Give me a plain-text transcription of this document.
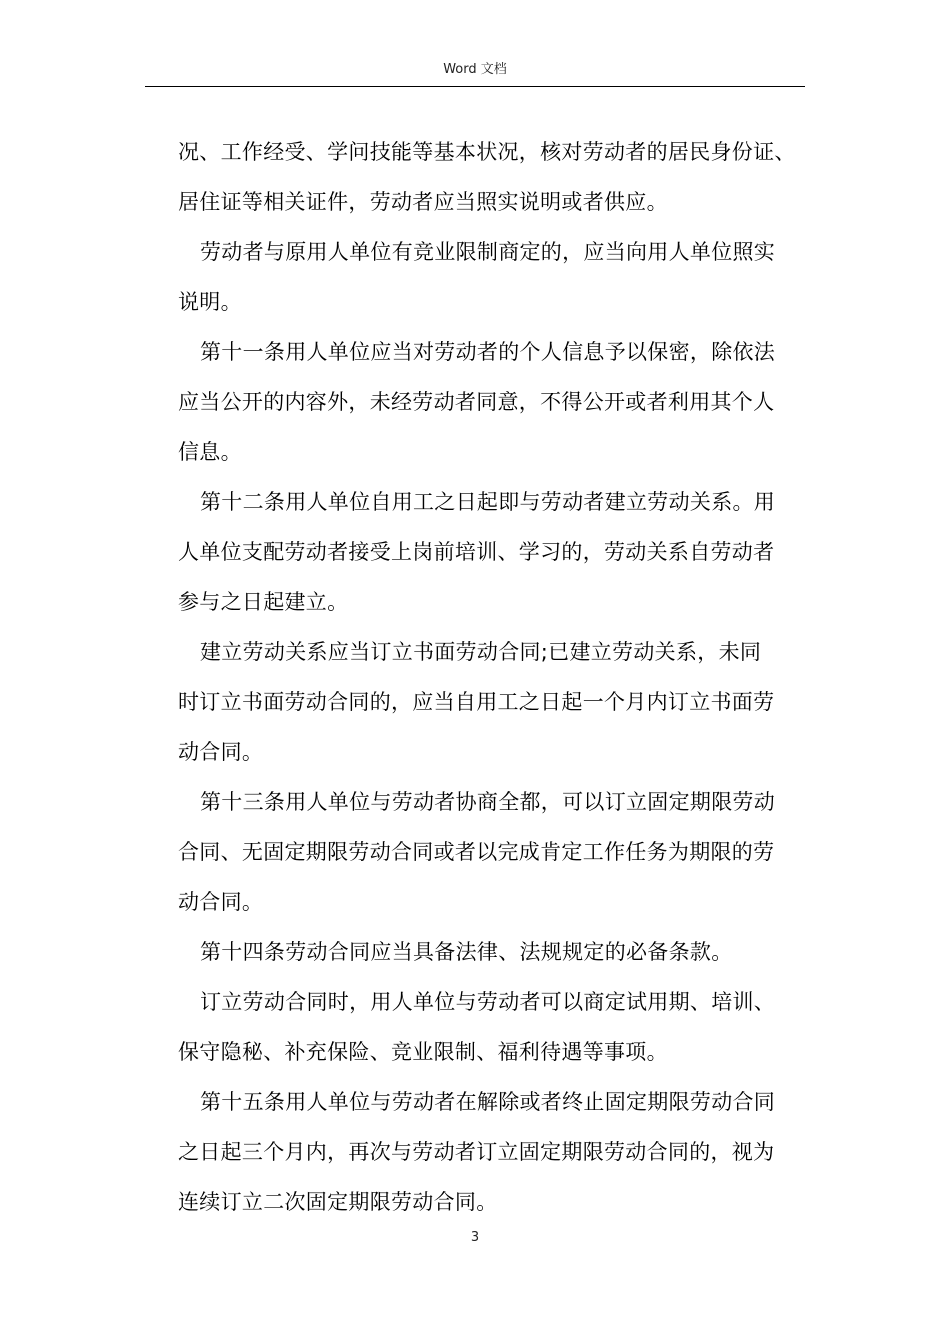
Word 文档
况、工作经受、学问技能等基本状况，核对劳动者的居民身份证、
居住证等相关证件，劳动者应当照实说明或者供应。
劳动者与原用人单位有竞业限制商定的，应当向用人单位照实
说明。
第十一条用人单位应当对劳动者的个人信息予以保密，除依法
应当公开的内容外，未经劳动者同意，不得公开或者利用其个人
信息。
第十二条用人单位自用工之日起即与劳动者建立劳动关系。用
人单位支配劳动者接受上岗前培训、学习的，劳动关系自劳动者
参与之日起建立。
建立劳动关系应当订立书面劳动合同;已建立劳动关系，未同
时订立书面劳动合同的，应当自用工之日起一个月内订立书面劳
动合同。
第十三条用人单位与劳动者协商全都，可以订立固定期限劳动
合同、无固定期限劳动合同或者以完成肯定工作任务为期限的劳
动合同。
第十四条劳动合同应当具备法律、法规规定的必备条款。
订立劳动合同时，用人单位与劳动者可以商定试用期、培训、
保守隐秘、补充保险、竞业限制、福利待遇等事项。
第十五条用人单位与劳动者在解除或者终止固定期限劳动合同
之日起三个月内，再次与劳动者订立固定期限劳动合同的，视为
连续订立二次固定期限劳动合同。
3
